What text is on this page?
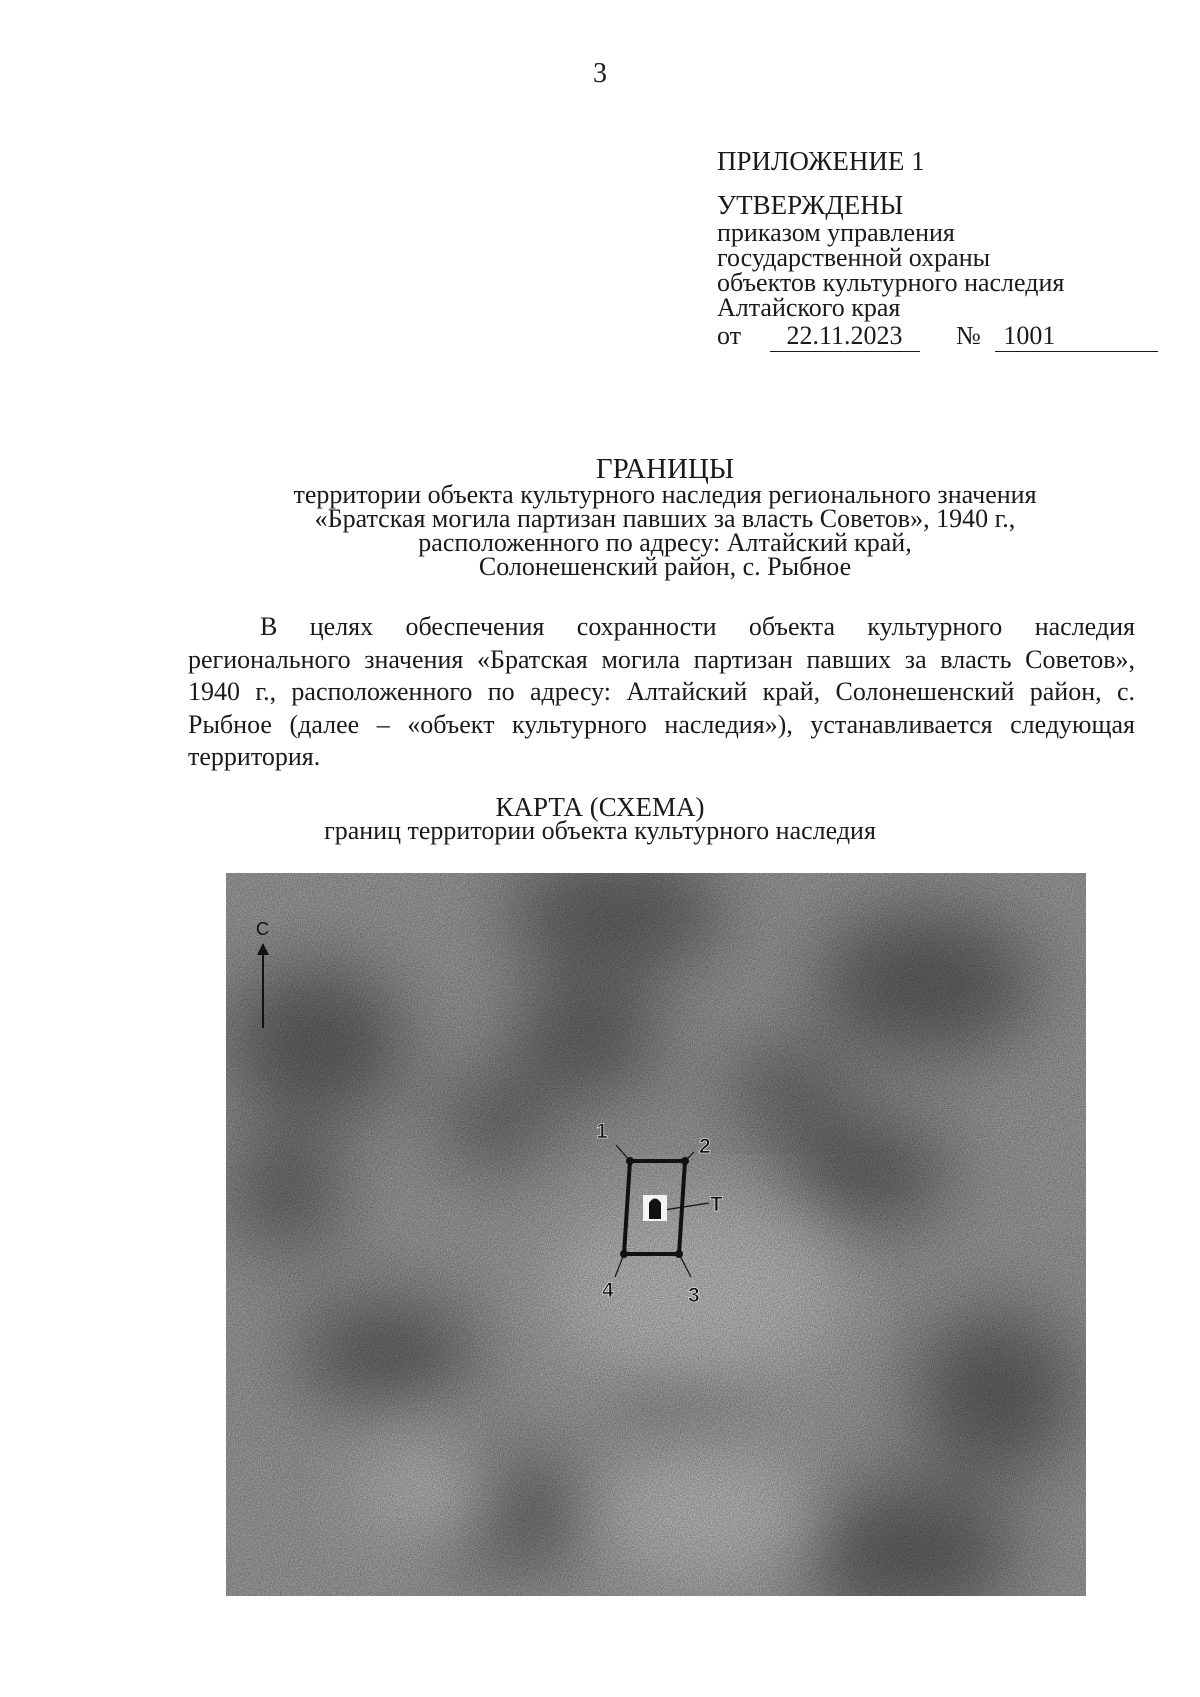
3
ПРИЛОЖЕНИЕ 1
УТВЕРЖДЕНЫ
приказом управления
государственной охраны
объектов культурного наследия
Алтайского края
от 22.11.2023 № 1001
ГРАНИЦЫ
территории объекта культурного наследия регионального значения
«Братская могила партизан павших за власть Советов», 1940 г.,
расположенного по адресу: Алтайский край,
Солонешенский район, с. Рыбное
В целях обеспечения сохранности объекта культурного наследия регионального значения «Братская могила партизан павших за власть Советов», 1940 г., расположенного по адресу: Алтайский край, Солонешенский район, с. Рыбное (далее – «объект культурного наследия»), устанавливается следующая территория.
КАРТА (СХЕМА)
границ территории объекта культурного наследия
С
1
2
3
4
Т
